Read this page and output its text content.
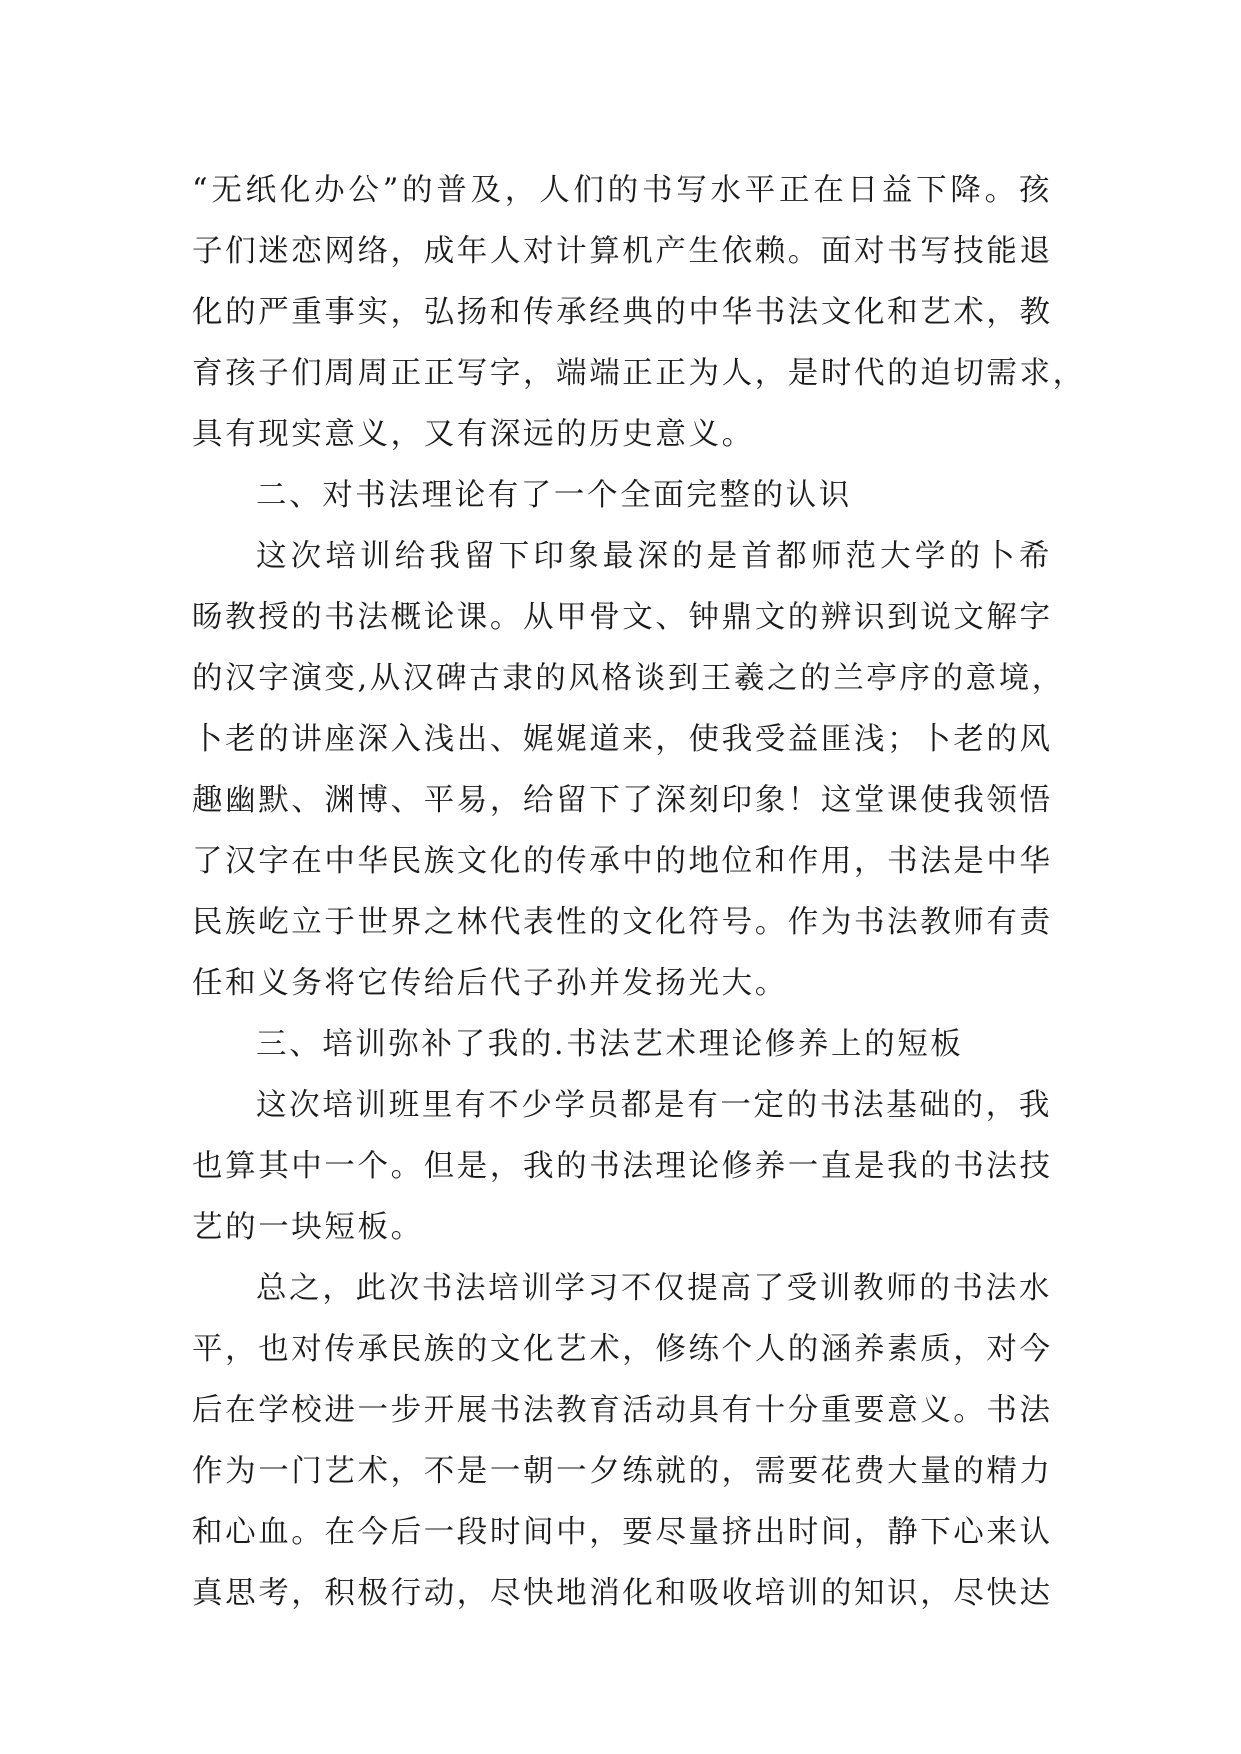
“无纸化办公”的普及，人们的书写水平正在日益下降。孩
子们迷恋网络，成年人对计算机产生依赖。面对书写技能退
化的严重事实，弘扬和传承经典的中华书法文化和艺术，教
育孩子们周周正正写字，端端正正为人，是时代的迫切需求，
具有现实意义，又有深远的历史意义。
二、对书法理论有了一个全面完整的认识
这次培训给我留下印象最深的是首都师范大学的卜希
旸教授的书法概论课。从甲骨文、钟鼎文的辨识到说文解字
的汉字演变,从汉碑古隶的风格谈到王羲之的兰亭序的意境，
卜老的讲座深入浅出、娓娓道来，使我受益匪浅；卜老的风
趣幽默、渊博、平易，给留下了深刻印象！这堂课使我领悟
了汉字在中华民族文化的传承中的地位和作用，书法是中华
民族屹立于世界之林代表性的文化符号。作为书法教师有责
任和义务将它传给后代子孙并发扬光大。
三、培训弥补了我的.书法艺术理论修养上的短板
这次培训班里有不少学员都是有一定的书法基础的，我
也算其中一个。但是，我的书法理论修养一直是我的书法技
艺的一块短板。
总之，此次书法培训学习不仅提高了受训教师的书法水
平，也对传承民族的文化艺术，修练个人的涵养素质，对今
后在学校进一步开展书法教育活动具有十分重要意义。书法
作为一门艺术，不是一朝一夕练就的，需要花费大量的精力
和心血。在今后一段时间中，要尽量挤出时间，静下心来认
真思考，积极行动，尽快地消化和吸收培训的知识，尽快达
